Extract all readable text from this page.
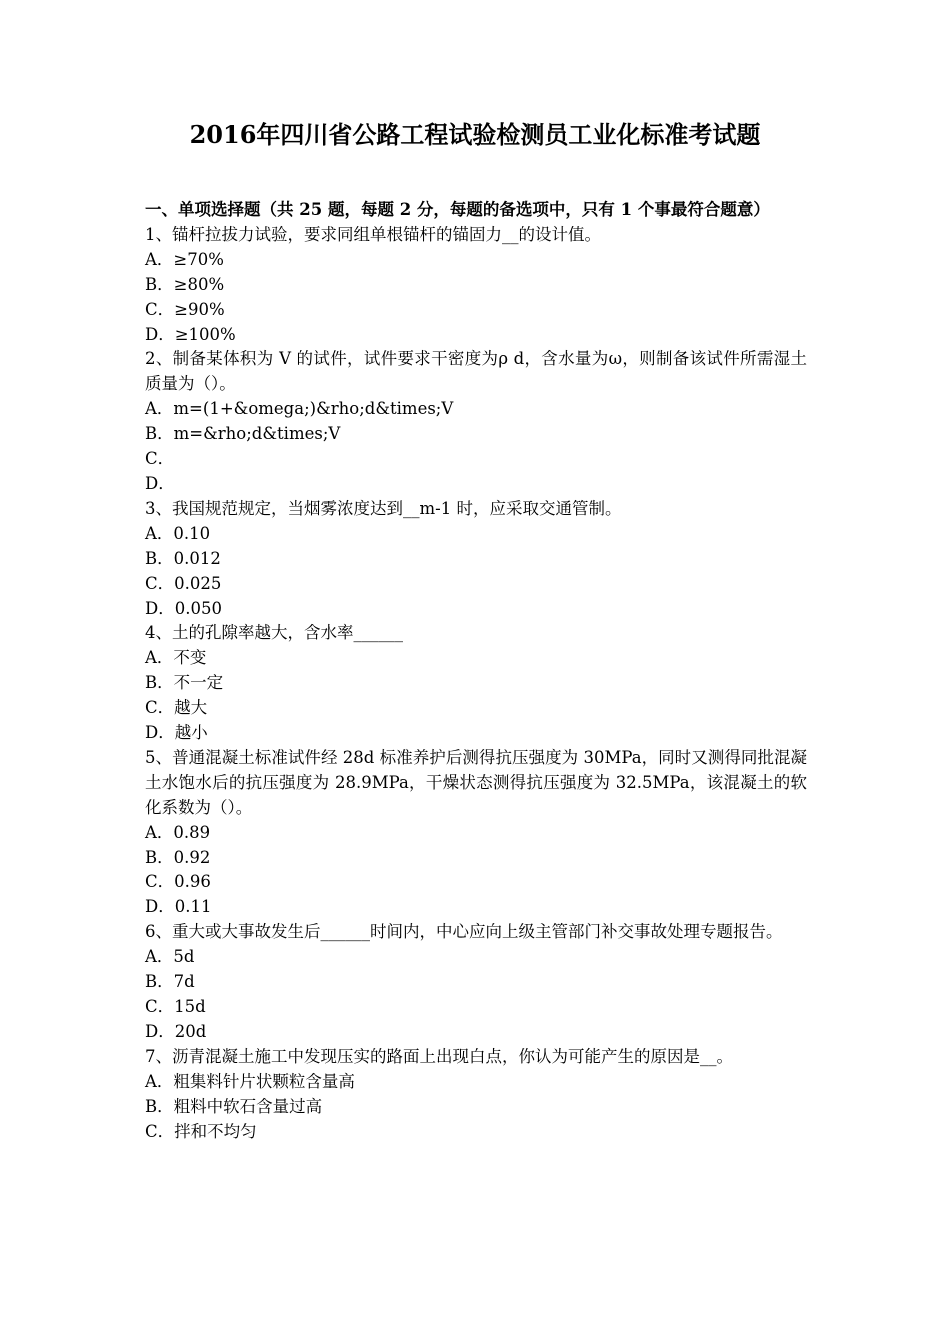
2016年四川省公路工程试验检测员工业化标准考试题

一、单项选择题（共 25 题，每题 2 分，每题的备选项中，只有 1 个事最符合题意）

1、锚杆拉拔力试验，要求同组单根锚杆的锚固力__的设计值。

A．≥70%

B．≥80%

C．≥90%

D．≥100%

2、制备某体积为 V 的试件，试件要求干密度为ρ d，含水量为ω，则制备该试件所需湿土质量为（）。

A．m=(1+&omega;)&rho;d&times;V

B．m=&rho;d&times;V

C．

D．

3、我国规范规定，当烟雾浓度达到__m-1 时，应采取交通管制。

A．0.10

B．0.012

C．0.025

D．0.050

4、土的孔隙率越大，含水率______

A．不变

B．不一定

C．越大

D．越小

5、普通混凝土标准试件经 28d 标准养护后测得抗压强度为 30MPa，同时又测得同批混凝土水饱水后的抗压强度为 28.9MPa，干燥状态测得抗压强度为 32.5MPa，该混凝土的软化系数为（）。

A．0.89

B．0.92

C．0.96

D．0.11

6、重大或大事故发生后______时间内，中心应向上级主管部门补交事故处理专题报告。

A．5d

B．7d

C．15d

D．20d

7、沥青混凝土施工中发现压实的路面上出现白点，你认为可能产生的原因是__。

A．粗集料针片状颗粒含量高

B．粗料中软石含量过高

C．拌和不均匀
